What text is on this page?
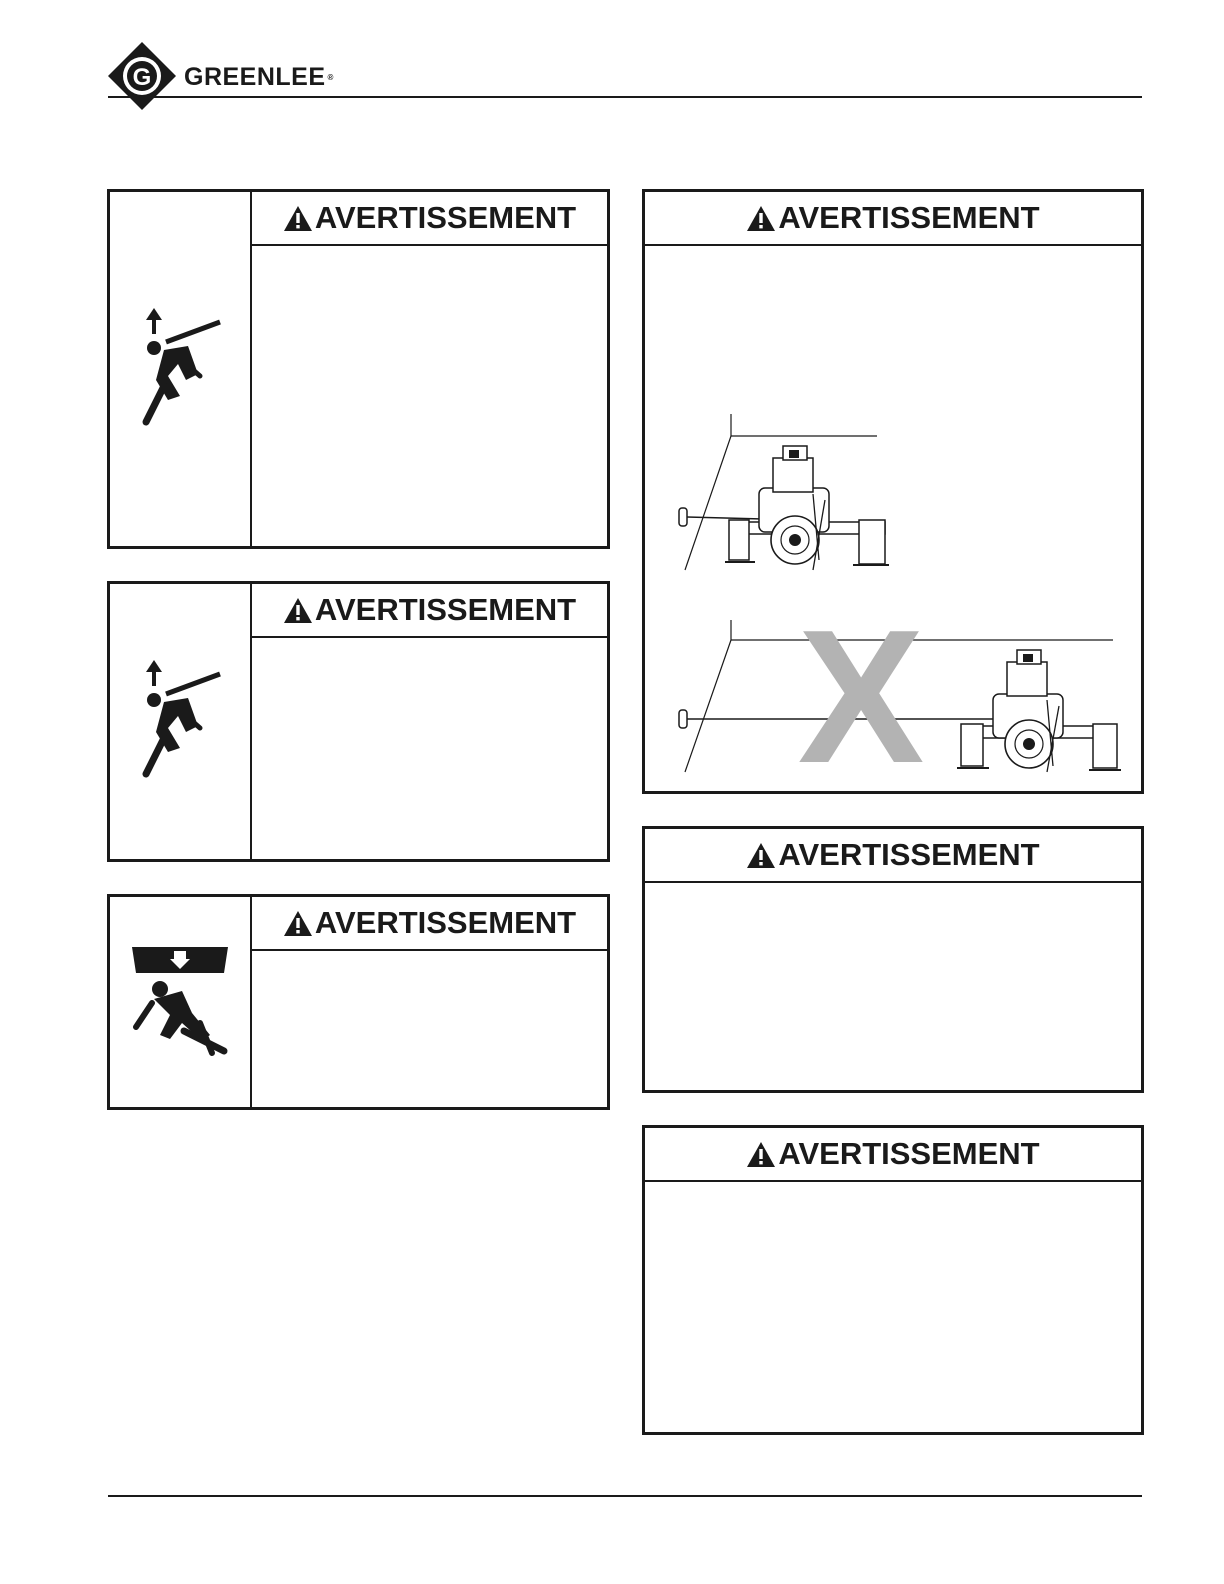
G GREENLEE ®
AVERTISSEMENT
AVERTISSEMENT
AVERTISSEMENT
AVERTISSEMENT
X
AVERTISSEMENT
AVERTISSEMENT
